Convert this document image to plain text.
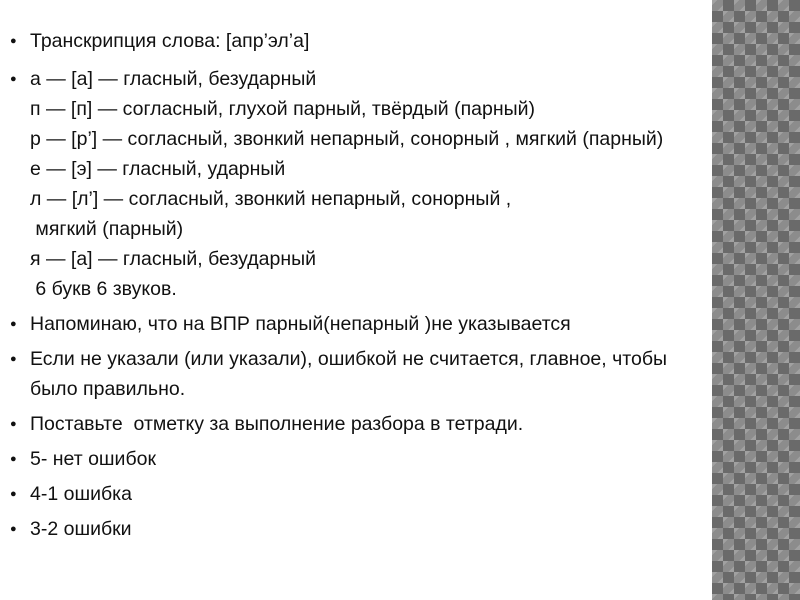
● Транскрипция слова: [апр’эл’а]
● а — [а] — гласный, безударный
п — [п] — согласный, глухой парный, твёрдый (парный)
р — [р’] — согласный, звонкий непарный, сонорный , мягкий (парный)
е — [э] — гласный, ударный
л — [л’] — согласный, звонкий непарный, сонорный ,
мягкий (парный)
я — [а] — гласный, безударный
6 букв 6 звуков.
● Напоминаю, что на ВПР парный(непарный )не указывается
● Если не указали (или указали), ошибкой не считается, главное, чтобы
было правильно.
● Поставьте  отметку за выполнение разбора в тетради.
● 5- нет ошибок
● 4-1 ошибка
● 3-2 ошибки
